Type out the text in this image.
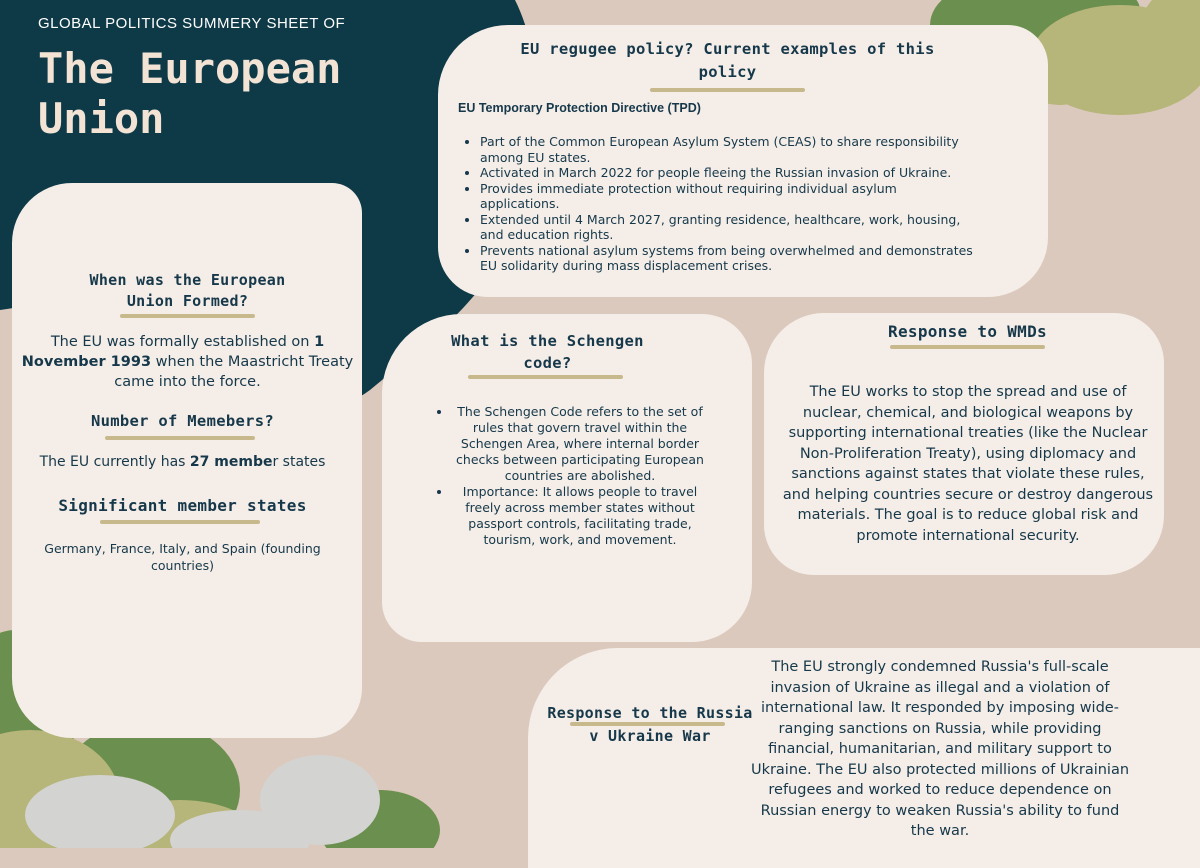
GLOBAL POLITICS SUMMERY SHEET OF
The European
Union
When was the European
Union Formed?
The EU was formally established on 1 November 1993 when the Maastricht Treaty came into the force.
Number of Memebers?
The EU currently has 27 member states
Significant member states
Germany, France, Italy, and Spain (founding countries)
EU regugee policy? Current examples of this
policy
EU Temporary Protection Directive (TPD)
• Part of the Common European Asylum System (CEAS) to share responsibility among EU states.
• Activated in March 2022 for people fleeing the Russian invasion of Ukraine.
• Provides immediate protection without requiring individual asylum applications.
• Extended until 4 March 2027, granting residence, healthcare, work, housing, and education rights.
• Prevents national asylum systems from being overwhelmed and demonstrates EU solidarity during mass displacement crises.
What is the Schengen
code?
• The Schengen Code refers to the set of rules that govern travel within the Schengen Area, where internal border checks between participating European countries are abolished.
• Importance: It allows people to travel freely across member states without passport controls, facilitating trade, tourism, work, and movement.
Response to WMDs
The EU works to stop the spread and use of nuclear, chemical, and biological weapons by supporting international treaties (like the Nuclear Non-Proliferation Treaty), using diplomacy and sanctions against states that violate these rules, and helping countries secure or destroy dangerous materials. The goal is to reduce global risk and promote international security.
Response to the Russia
v Ukraine War
The EU strongly condemned Russia's full-scale invasion of Ukraine as illegal and a violation of international law. It responded by imposing wide-ranging sanctions on Russia, while providing financial, humanitarian, and military support to Ukraine. The EU also protected millions of Ukrainian refugees and worked to reduce dependence on Russian energy to weaken Russia's ability to fund the war.
